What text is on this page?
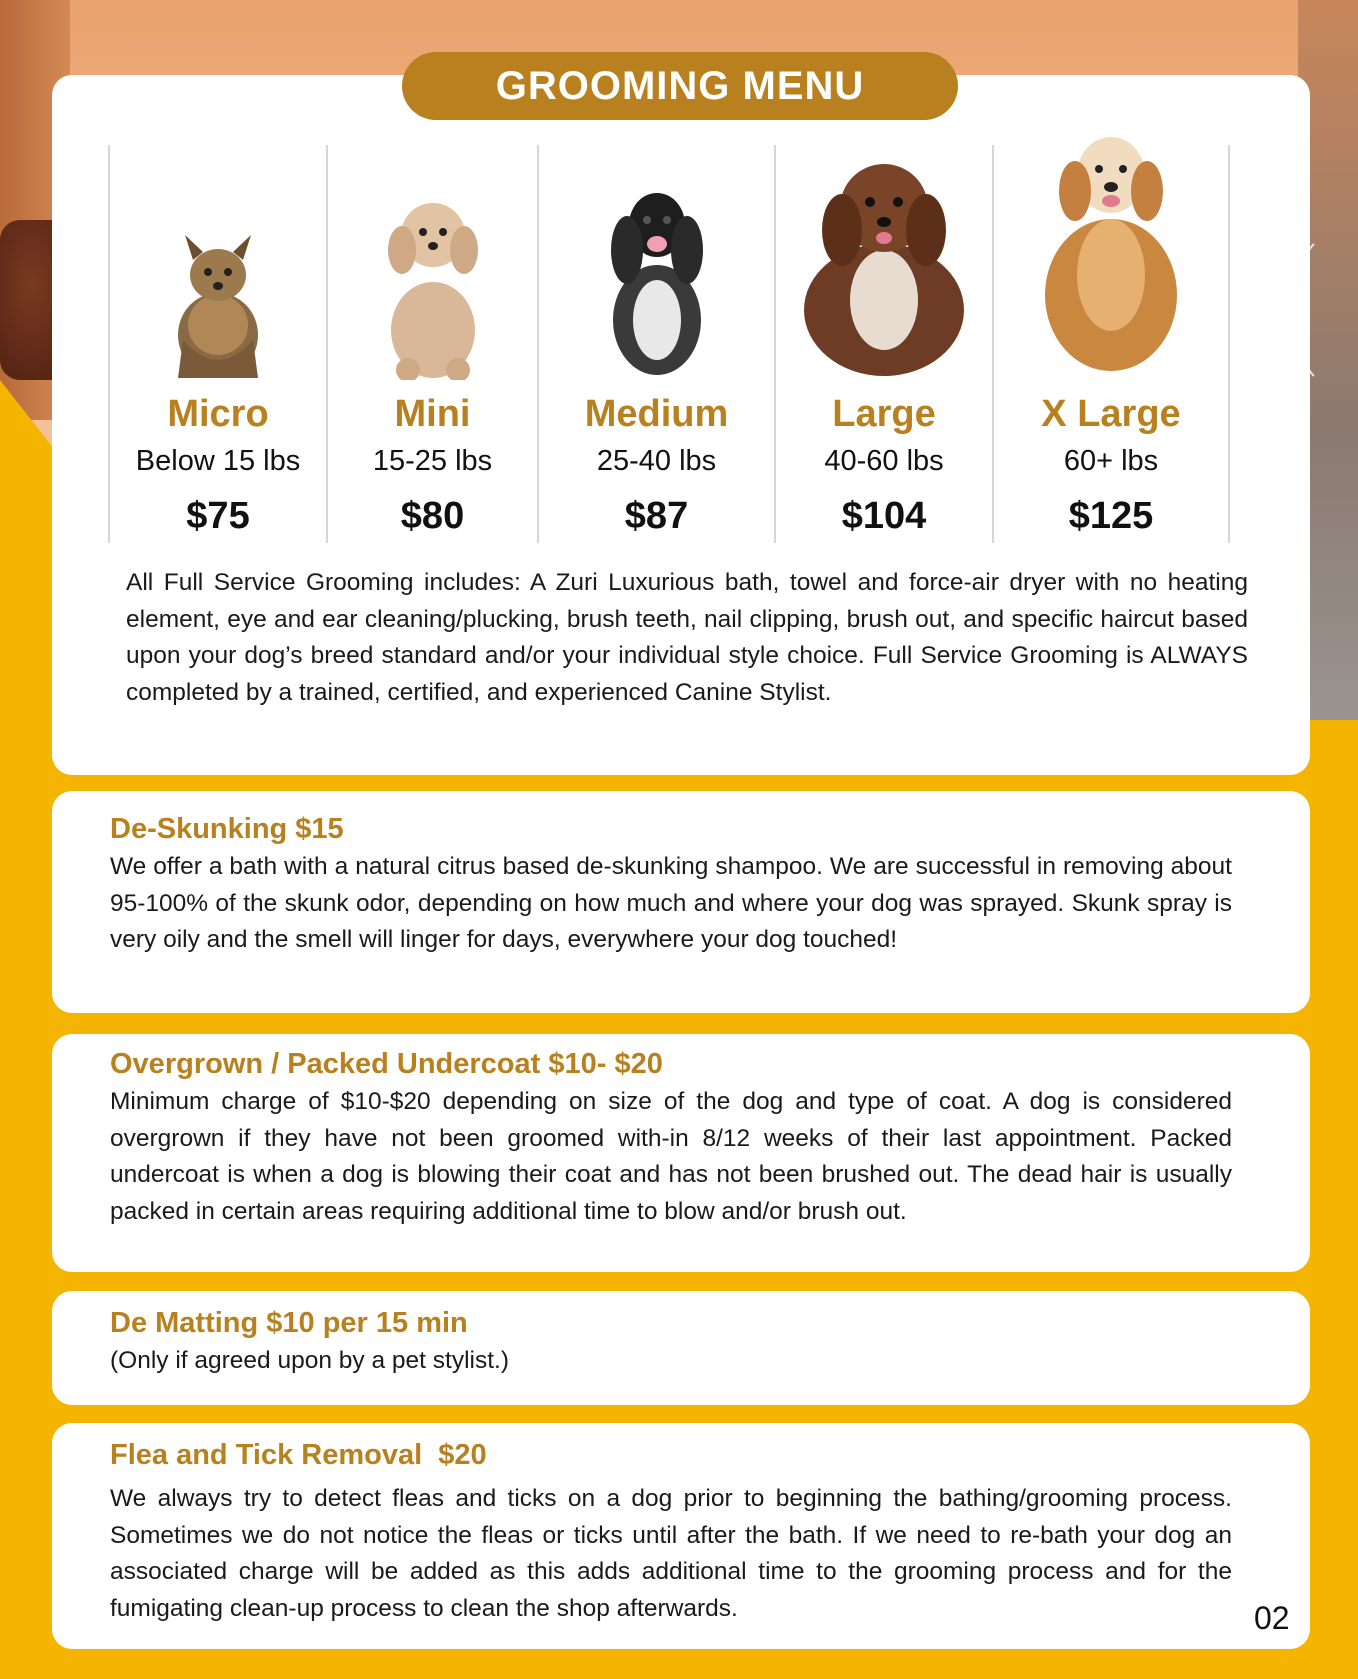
GROOMING MENU
Micro
Below 15 lbs
$75
Mini
15-25 lbs
$80
Medium
25-40 lbs
$87
Large
40-60 lbs
$104
X Large
60+ lbs
$125
All Full Service Grooming includes: A Zuri Luxurious bath, towel and force-air dryer with no heating element, eye and ear cleaning/plucking, brush teeth, nail clipping, brush out, and specific haircut based upon your dog’s breed standard and/or your individual style choice. Full Service Grooming is ALWAYS completed by a trained, certified, and experienced Canine Stylist.
De-Skunking $15
We offer a bath with a natural citrus based de-skunking shampoo. We are successful in removing about 95-100% of the skunk odor, depending on how much and where your dog was sprayed. Skunk spray is very oily and the smell will linger for days, everywhere your dog touched!
Overgrown / Packed Undercoat $10- $20
Minimum charge of $10-$20 depending on size of the dog and type of coat. A dog is considered overgrown if they have not been groomed with-in 8/12 weeks of their last appointment. Packed undercoat is when a dog is blowing their coat and has not been brushed out. The dead hair is usually packed in certain areas requiring additional time to blow and/or brush out.
De Matting $10 per 15 min
(Only if agreed upon by a pet stylist.)
Flea and Tick Removal  $20
We always try to detect fleas and ticks on a dog prior to beginning the bathing/grooming process. Sometimes we do not notice the fleas or ticks until after the bath. If we need to re-bath your dog an associated charge will be added as this adds additional time to the grooming process and for the fumigating clean-up process to clean the shop afterwards.	02
